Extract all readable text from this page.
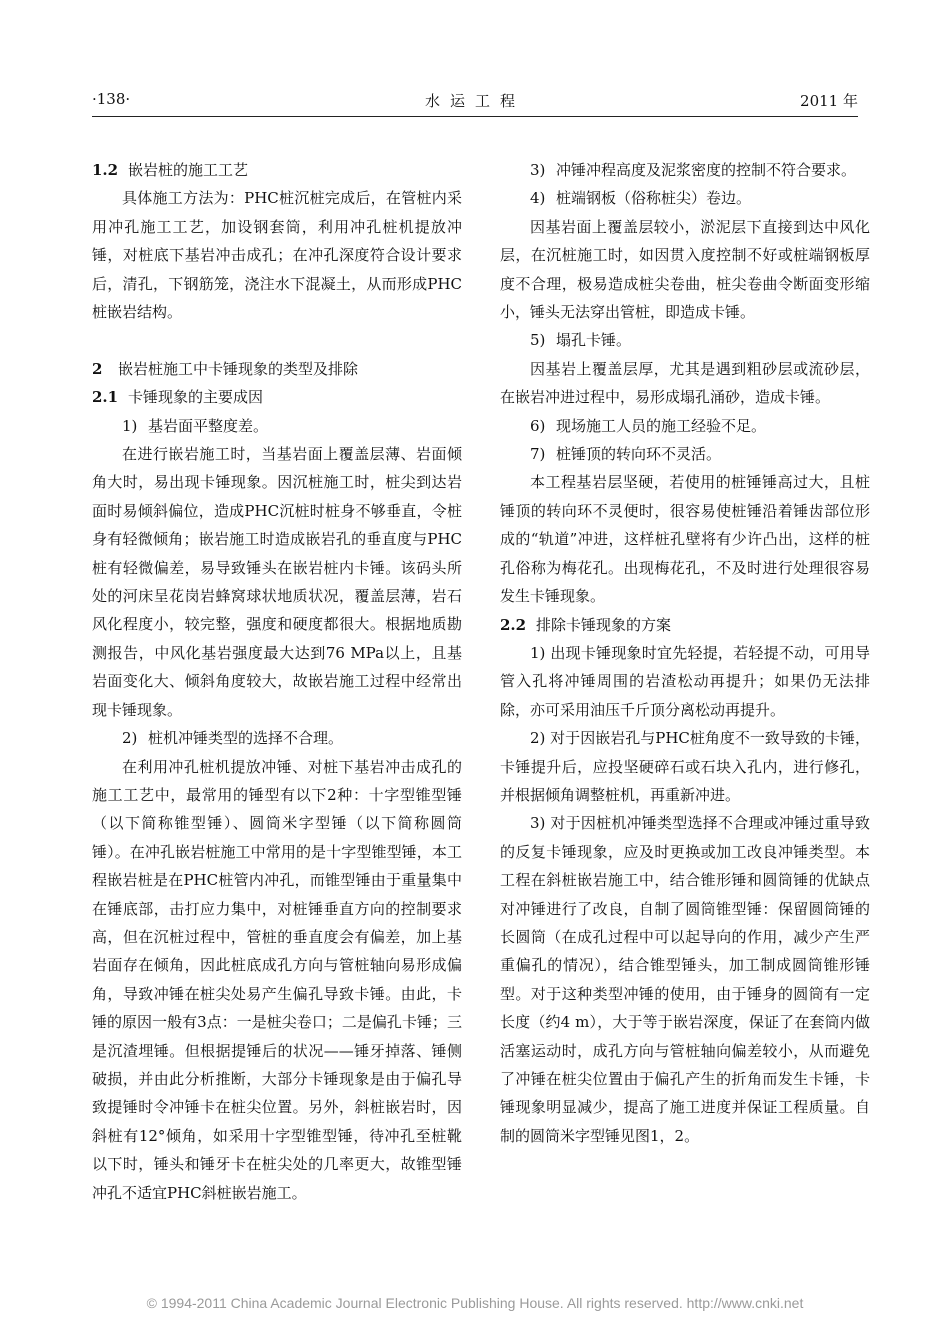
·138·	水运工程	2011 年

1.2 嵌岩桩的施工工艺

具体施工方法为：PHC桩沉桩完成后，在管桩内采用冲孔施工工艺，加设钢套筒，利用冲孔桩机提放冲锤，对桩底下基岩冲击成孔；在冲孔深度符合设计要求后，清孔，下钢筋笼，浇注水下混凝土，从而形成PHC桩嵌岩结构。

2 嵌岩桩施工中卡锤现象的类型及排除

2.1 卡锤现象的主要成因

1) 基岩面平整度差。

在进行嵌岩施工时，当基岩面上覆盖层薄、岩面倾角大时，易出现卡锤现象。因沉桩施工时，桩尖到达岩面时易倾斜偏位，造成PHC沉桩时桩身不够垂直，令桩身有轻微倾角；嵌岩施工时造成嵌岩孔的垂直度与PHC桩有轻微偏差，易导致锤头在嵌岩桩内卡锤。该码头所处的河床呈花岗岩蜂窝球状地质状况，覆盖层薄，岩石风化程度小，较完整，强度和硬度都很大。根据地质勘测报告，中风化基岩强度最大达到76 MPa以上，且基岩面变化大、倾斜角度较大，故嵌岩施工过程中经常出现卡锤现象。

2) 桩机冲锤类型的选择不合理。

在利用冲孔桩机提放冲锤、对桩下基岩冲击成孔的施工工艺中，最常用的锤型有以下2种：十字型锥型锤（以下简称锥型锤）、圆筒米字型锤（以下简称圆筒锤）。在冲孔嵌岩桩施工中常用的是十字型锥型锤，本工程嵌岩桩是在PHC桩管内冲孔，而锥型锤由于重量集中在锤底部，击打应力集中，对桩锤垂直方向的控制要求高，但在沉桩过程中，管桩的垂直度会有偏差，加上基岩面存在倾角，因此桩底成孔方向与管桩轴向易形成偏角，导致冲锤在桩尖处易产生偏孔导致卡锤。由此，卡锤的原因一般有3点：一是桩尖卷口；二是偏孔卡锤；三是沉渣埋锤。但根据提锤后的状况——锤牙掉落、锤侧破损，并由此分析推断，大部分卡锤现象是由于偏孔导致提锤时令冲锤卡在桩尖位置。另外，斜桩嵌岩时，因斜桩有12°倾角，如采用十字型锥型锤，待冲孔至桩靴以下时，锤头和锤牙卡在桩尖处的几率更大，故锥型锤冲孔不适宜PHC斜桩嵌岩施工。

3) 冲锤冲程高度及泥浆密度的控制不符合要求。

4) 桩端钢板（俗称桩尖）卷边。

因基岩面上覆盖层较小，淤泥层下直接到达中风化层，在沉桩施工时，如因贯入度控制不好或桩端钢板厚度不合理，极易造成桩尖卷曲，桩尖卷曲令断面变形缩小，锤头无法穿出管桩，即造成卡锤。

5) 塌孔卡锤。

因基岩上覆盖层厚，尤其是遇到粗砂层或流砂层，在嵌岩冲进过程中，易形成塌孔涌砂，造成卡锤。

6) 现场施工人员的施工经验不足。

7) 桩锤顶的转向环不灵活。

本工程基岩层坚硬，若使用的桩锤锤高过大，且桩锤顶的转向环不灵便时，很容易使桩锤沿着锤齿部位形成的“轨道”冲进，这样桩孔壁将有少许凸出，这样的桩孔俗称为梅花孔。出现梅花孔，不及时进行处理很容易发生卡锤现象。

2.2 排除卡锤现象的方案

1) 出现卡锤现象时宜先轻提，若轻提不动，可用导管入孔将冲锤周围的岩渣松动再提升；如果仍无法排除，亦可采用油压千斤顶分离松动再提升。

2) 对于因嵌岩孔与PHC桩角度不一致导致的卡锤，卡锤提升后，应投坚硬碎石或石块入孔内，进行修孔，并根据倾角调整桩机，再重新冲进。

3) 对于因桩机冲锤类型选择不合理或冲锤过重导致的反复卡锤现象，应及时更换或加工改良冲锤类型。本工程在斜桩嵌岩施工中，结合锥形锤和圆筒锤的优缺点对冲锤进行了改良，自制了圆筒锥型锤：保留圆筒锤的长圆筒（在成孔过程中可以起导向的作用，减少产生严重偏孔的情况），结合锥型锤头，加工制成圆筒锥形锤型。对于这种类型冲锤的使用，由于锤身的圆筒有一定长度（约4 m），大于等于嵌岩深度，保证了在套筒内做活塞运动时，成孔方向与管桩轴向偏差较小，从而避免了冲锤在桩尖位置由于偏孔产生的折角而发生卡锤，卡锤现象明显减少，提高了施工进度并保证工程质量。自制的圆筒米字型锤见图1，2。

© 1994-2011 China Academic Journal Electronic Publishing House. All rights reserved. http://www.cnki.net
